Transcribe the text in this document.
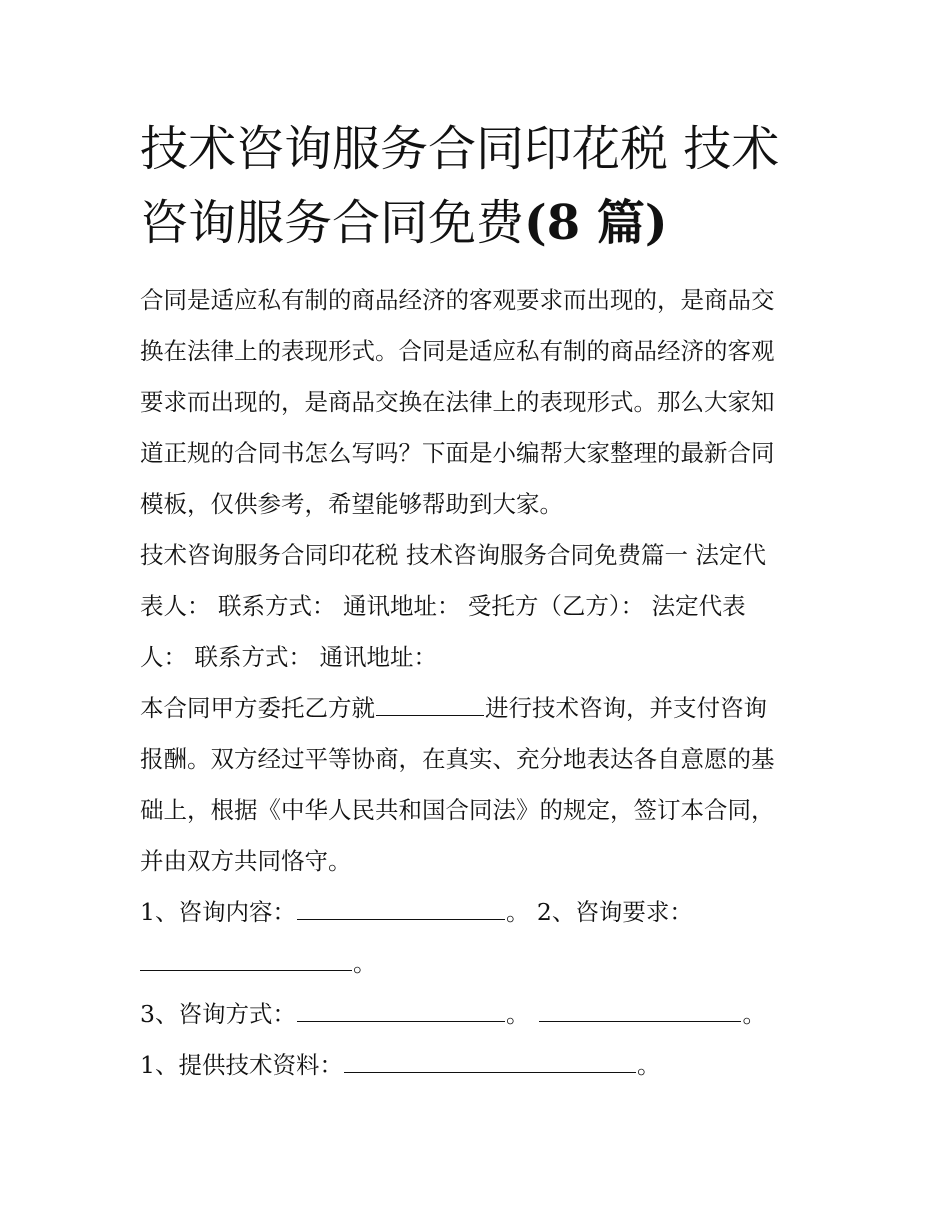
技术咨询服务合同印花税 技术
咨询服务合同免费(8 篇)

合同是适应私有制的商品经济的客观要求而出现的，是商品交

换在法律上的表现形式。合同是适应私有制的商品经济的客观

要求而出现的，是商品交换在法律上的表现形式。那么大家知

道正规的合同书怎么写吗？下面是小编帮大家整理的最新合同

模板，仅供参考，希望能够帮助到大家。

技术咨询服务合同印花税 技术咨询服务合同免费篇一 法定代

表人： 联系方式： 通讯地址： 受托方（乙方）： 法定代表

人： 联系方式： 通讯地址：

本合同甲方委托乙方就	进行技术咨询，并支付咨询

报酬。双方经过平等协商，在真实、充分地表达各自意愿的基

础上，根据《中华人民共和国合同法》的规定，签订本合同，

并由双方共同恪守。

1、咨询内容：	。 2、咨询要求：

。

3、咨询方式：	。	。

1、提供技术资料：	。
